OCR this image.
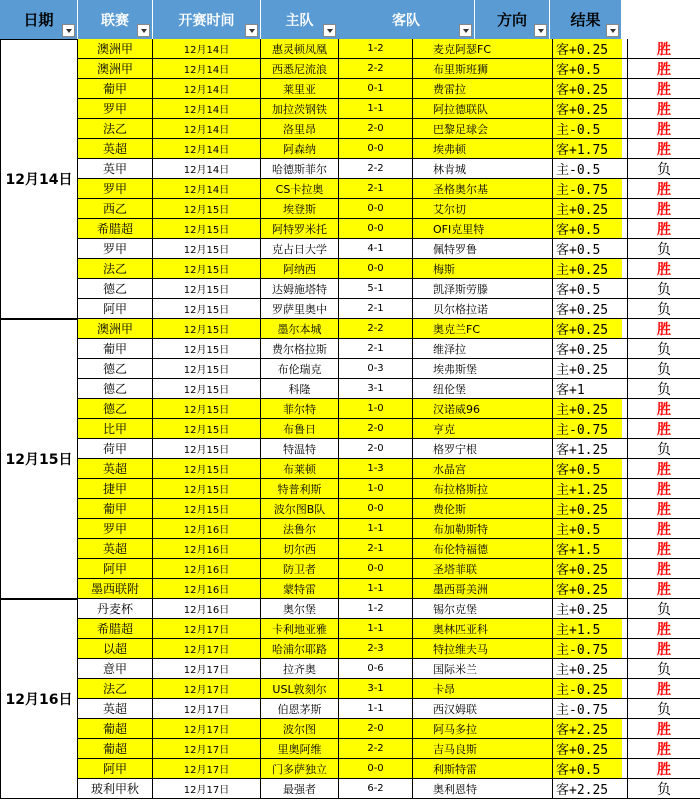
日期	联赛	开赛时间	主队	客队	方向	结果
12月14日
澳洲甲	12月14日	惠灵顿凤凰	1-2	麦克阿瑟FC	客+0.25	胜
澳洲甲	12月14日	西悉尼流浪	2-2	布里斯班狮	客+0.5	胜
葡甲	12月14日	莱里亚	0-1	费雷拉	客+0.25	胜
罗甲	12月14日	加拉茨钢铁	1-1	阿拉德联队	客+0.25	胜
法乙	12月14日	洛里昂	2-0	巴黎足球会	主-0.5	胜
英超	12月14日	阿森纳	0-0	埃弗顿	客+1.75	胜
英甲	12月14日	哈德斯菲尔	2-2	林肯城	主-0.5	负
罗甲	12月14日	CS卡拉奥	2-1	圣格奥尔基	主-0.75	胜
西乙	12月15日	埃登斯	0-0	艾尔切	主+0.25	胜
希腊超	12月15日	阿特罗米托	0-0	OFI克里特	客+0.5	胜
罗甲	12月15日	克占日大学	4-1	佩特罗鲁	客+0.5	负
法乙	12月15日	阿纳西	0-0	梅斯	主+0.25	胜
德乙	12月15日	达姆施塔特	5-1	凯泽斯劳滕	客+0.5	负
阿甲	12月15日	罗萨里奥中	2-1	贝尔格拉诺	客+0.25	负
12月15日
澳洲甲	12月15日	墨尔本城	2-2	奥克兰FC	客+0.25	胜
葡甲	12月15日	费尔格拉斯	2-1	维泽拉	客+0.25	负
德乙	12月15日	布伦瑞克	0-3	埃弗斯堡	主+0.25	负
德乙	12月15日	科隆	3-1	纽伦堡	客+1	负
德乙	12月15日	菲尔特	1-0	汉诺威96	主+0.25	胜
比甲	12月15日	布鲁日	2-0	亨克	主-0.75	胜
荷甲	12月15日	特温特	2-0	格罗宁根	客+1.25	负
英超	12月15日	布莱顿	1-3	水晶宫	客+0.5	胜
捷甲	12月15日	特普利斯	1-0	布拉格斯拉	主+1.25	胜
葡甲	12月15日	波尔图B队	0-0	费伦斯	主+0.25	胜
罗甲	12月16日	法鲁尔	1-1	布加勒斯特	主+0.5	胜
英超	12月16日	切尔西	2-1	布伦特福德	客+1.5	胜
阿甲	12月16日	防卫者	0-0	圣塔菲联	客+0.25	胜
墨西联附	12月16日	蒙特雷	1-1	墨西哥美洲	客+0.25	胜
12月16日
丹麦杯	12月16日	奥尔堡	1-2	锡尔克堡	主+0.25	负
希腊超	12月17日	卡利地亚雅	1-1	奥林匹亚科	主+1.5	胜
以超	12月17日	哈浦尔耶路	2-3	特拉维夫马	主-0.75	胜
意甲	12月17日	拉齐奥	0-6	国际米兰	主+0.25	负
法乙	12月17日	USL敦刻尔	3-1	卡昂	主-0.25	胜
英超	12月17日	伯恩茅斯	1-1	西汉姆联	主-0.75	负
葡超	12月17日	波尔图	2-0	阿马多拉	客+2.25	胜
葡超	12月17日	里奥阿维	2-2	吉马良斯	客+0.25	胜
阿甲	12月17日	门多萨独立	0-0	利斯特雷	客+0.5	胜
玻利甲秋	12月17日	最强者	6-2	奥利恩特	客+2.25	负
